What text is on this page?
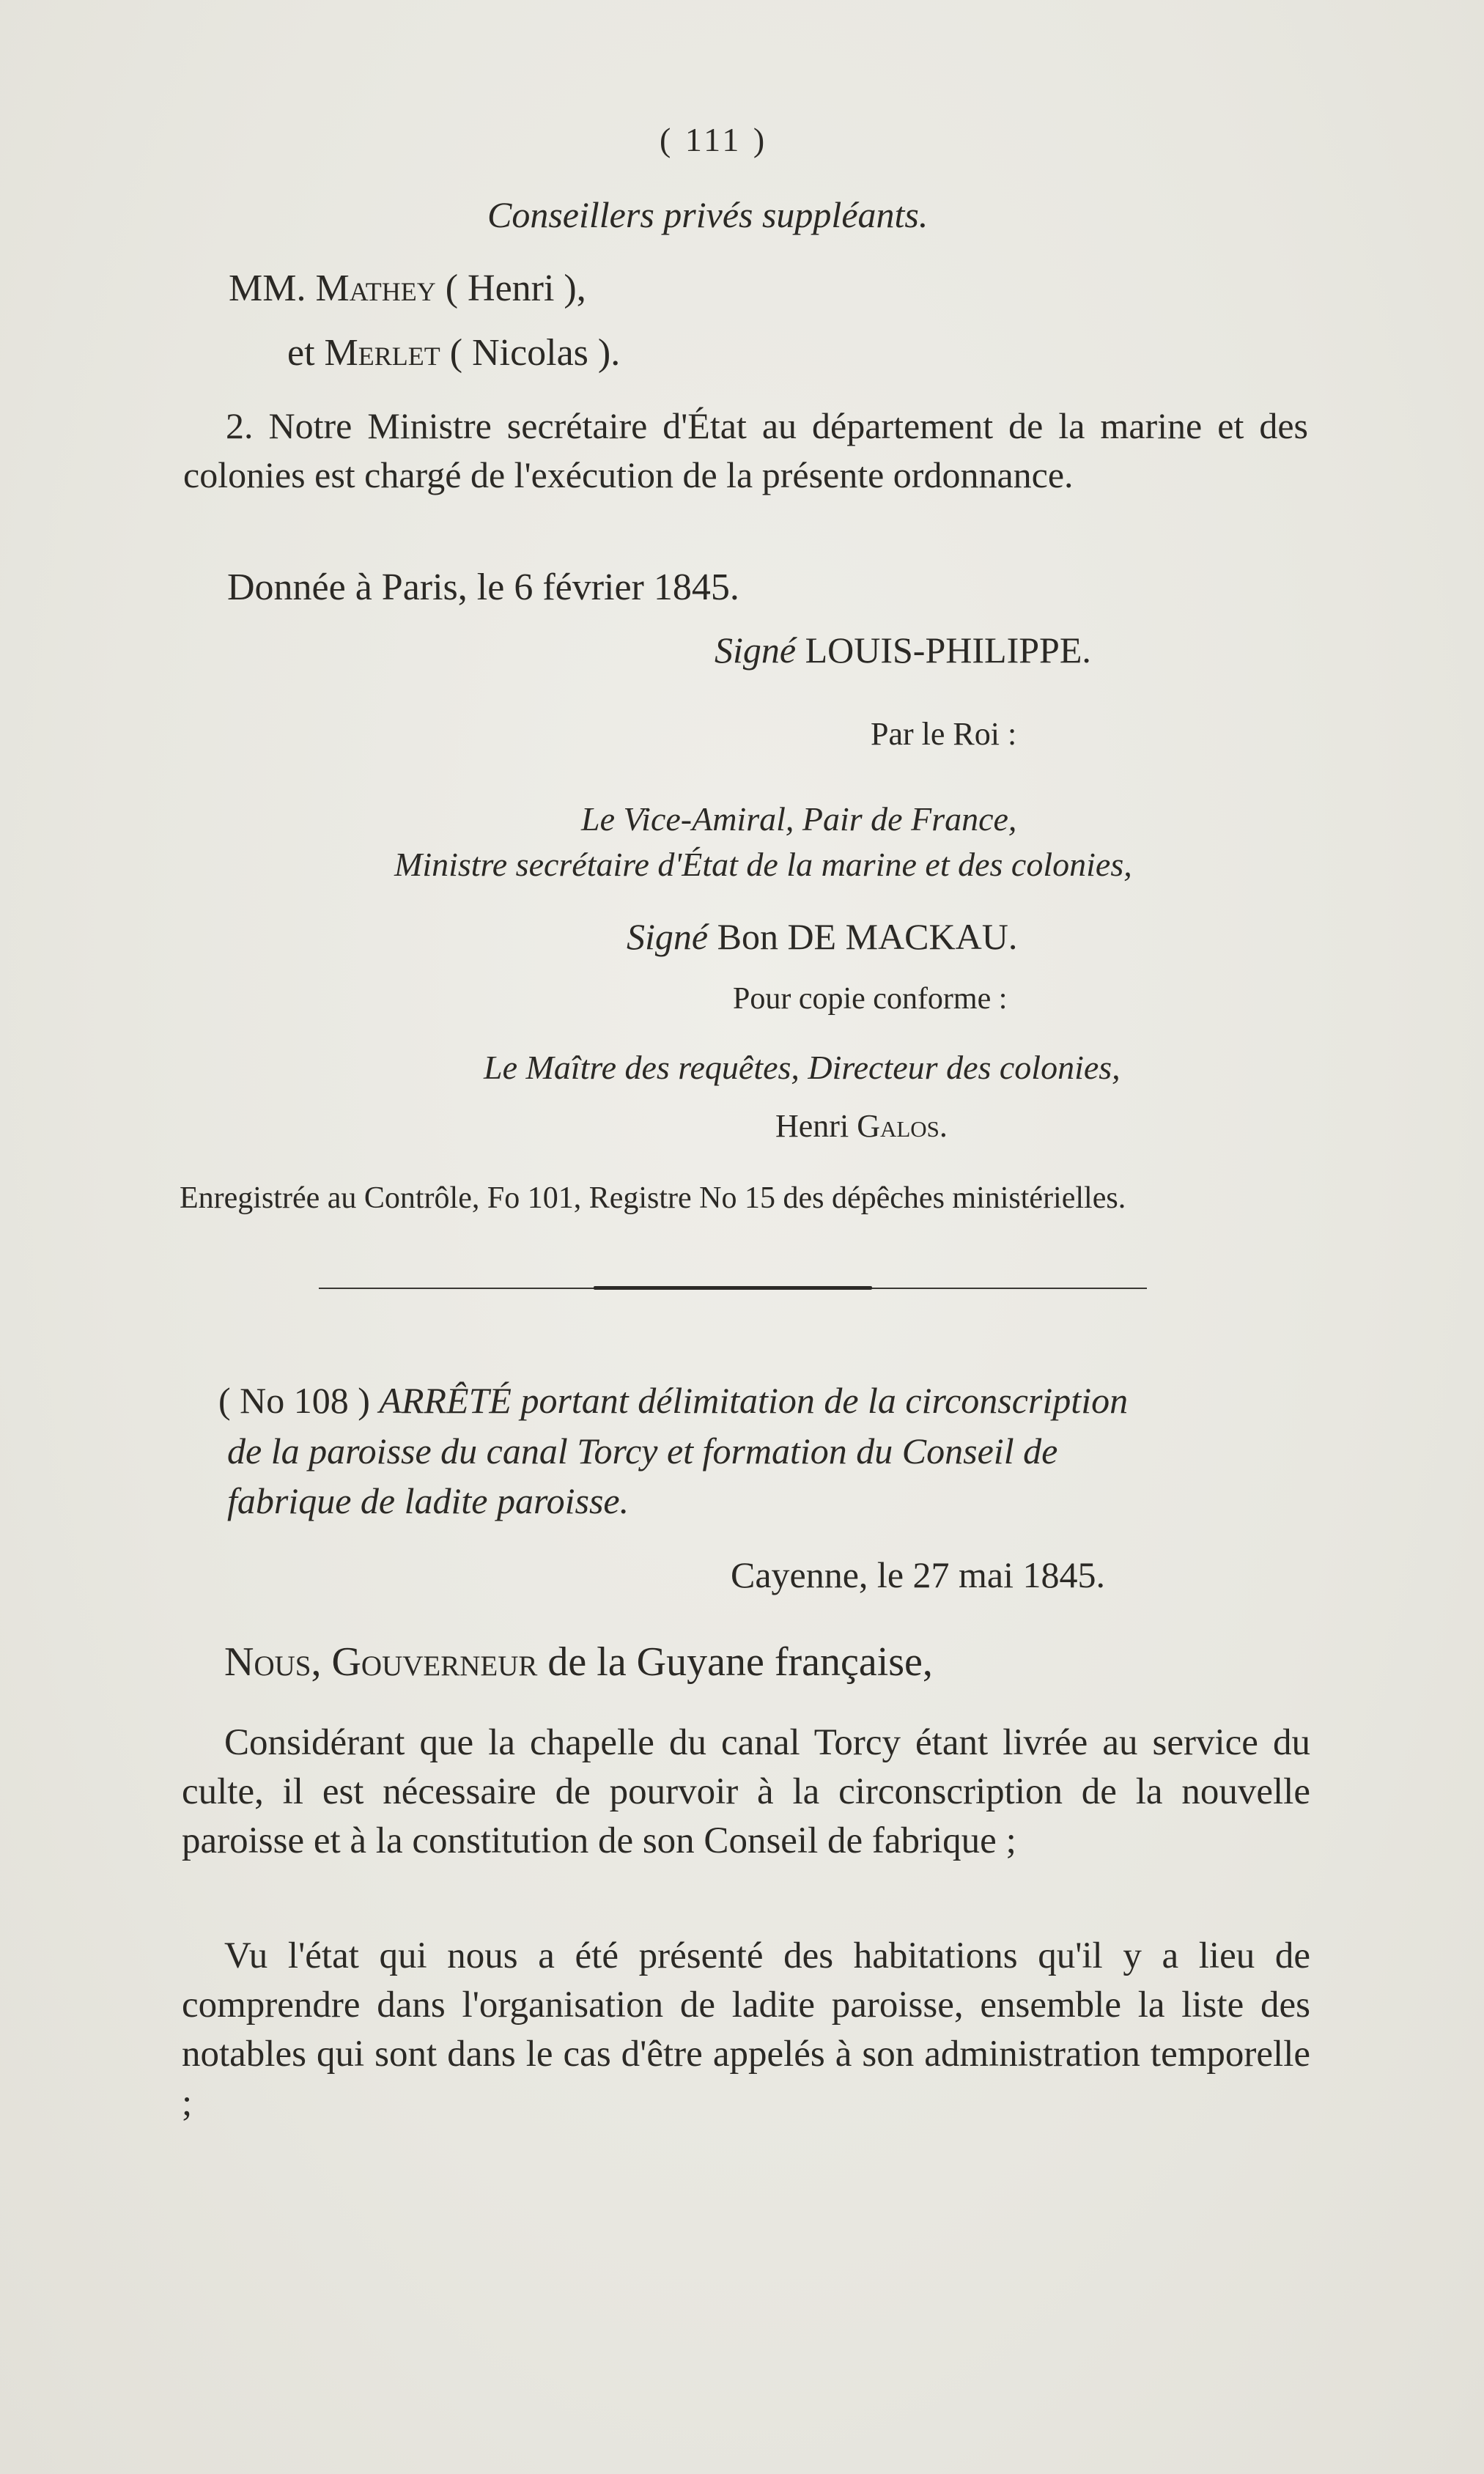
( 111 )
Conseillers privés suppléants.
MM. Mathey ( Henri ),
et Merlet ( Nicolas ).
2. Notre Ministre secrétaire d'État au département de la marine et des colonies est chargé de l'exécution de la présente ordonnance.
Donnée à Paris, le 6 février 1845.
Signé LOUIS-PHILIPPE.
Par le Roi :
Le Vice-Amiral, Pair de France,
Ministre secrétaire d'État de la marine et des colonies,
Signé Bon DE MACKAU.
Pour copie conforme :
Le Maître des requêtes, Directeur des colonies,
Henri Galos.
Enregistrée au Contrôle, Fo 101, Registre No 15 des dépêches ministérielles.
( No 108 ) ARRÊTÉ portant délimitation de la circonscription
de la paroisse du canal Torcy et formation du Conseil de
fabrique de ladite paroisse.
Cayenne, le 27 mai 1845.
Nous, Gouverneur de la Guyane française,
Considérant que la chapelle du canal Torcy étant livrée au service du culte, il est nécessaire de pourvoir à la circonscription de la nouvelle paroisse et à la constitution de son Conseil de fabrique ;
Vu l'état qui nous a été présenté des habitations qu'il y a lieu de comprendre dans l'organisation de ladite paroisse, ensemble la liste des notables qui sont dans le cas d'être appelés à son administration temporelle ;
